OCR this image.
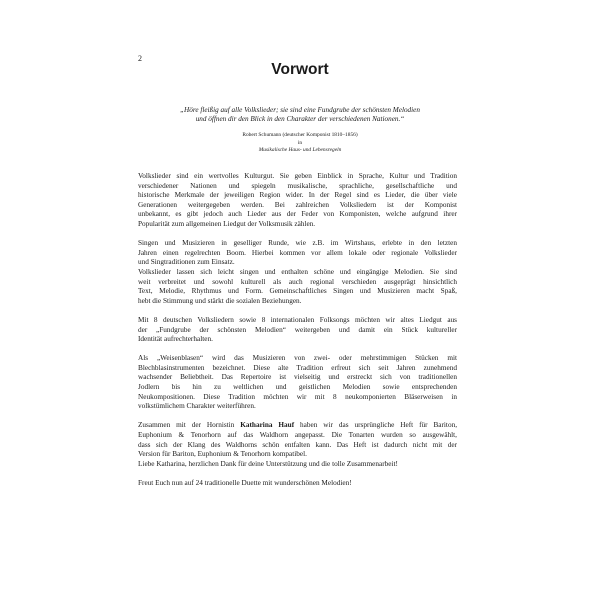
2
Vorwort
„Höre fleißig auf alle Volkslieder; sie sind eine Fundgrube der schönsten Melodien
und öffnen dir den Blick in den Charakter der verschiedenen Nationen.“
Robert Schumann (deutscher Komponist 1810–1856)
in
Musikalische Haus- und Lebensregeln
Volkslieder sind ein wertvolles Kulturgut. Sie geben Einblick in Sprache, Kultur und Tradition
verschiedener Nationen und spiegeln musikalische, sprachliche, gesellschaftliche und
historische Merkmale der jeweiligen Region wider. In der Regel sind es Lieder, die über viele
Generationen weitergegeben werden. Bei zahlreichen Volksliedern ist der Komponist
unbekannt, es gibt jedoch auch Lieder aus der Feder von Komponisten, welche aufgrund ihrer
Popularität zum allgemeinen Liedgut der Volksmusik zählen.
Singen und Musizieren in geselliger Runde, wie z.B. im Wirtshaus, erlebte in den letzten
Jahren einen regelrechten Boom. Hierbei kommen vor allem lokale oder regionale Volkslieder
und Singtraditionen zum Einsatz.
Volkslieder lassen sich leicht singen und enthalten schöne und eingängige Melodien. Sie sind
weit verbreitet und sowohl kulturell als auch regional verschieden ausgeprägt hinsichtlich
Text, Melodie, Rhythmus und Form. Gemeinschaftliches Singen und Musizieren macht Spaß,
hebt die Stimmung und stärkt die sozialen Beziehungen.
Mit 8 deutschen Volksliedern sowie 8 internationalen Folksongs möchten wir altes Liedgut aus
der „Fundgrube der schönsten Melodien“ weitergeben und damit ein Stück kultureller
Identität aufrechterhalten.
Als „Weisenblasen“ wird das Musizieren von zwei- oder mehrstimmigen Stücken mit
Blechblasinstrumenten bezeichnet. Diese alte Tradition erfreut sich seit Jahren zunehmend
wachsender Beliebtheit. Das Repertoire ist vielseitig und erstreckt sich von traditionellen
Jodlern bis hin zu weltlichen und geistlichen Melodien sowie entsprechenden
Neukompositionen. Diese Tradition möchten wir mit 8 neukomponierten Bläserweisen in
volkstümlichem Charakter weiterführen.
Zusammen mit der Hornistin Katharina Hauf haben wir das ursprüngliche Heft für Bariton,
Euphonium & Tenorhorn auf das Waldhorn angepasst. Die Tonarten wurden so ausgewählt,
dass sich der Klang des Waldhorns schön entfalten kann. Das Heft ist dadurch nicht mit der
Version für Bariton, Euphonium & Tenorhorn kompatibel.
Liebe Katharina, herzlichen Dank für deine Unterstützung und die tolle Zusammenarbeit!
Freut Euch nun auf 24 traditionelle Duette mit wunderschönen Melodien!
